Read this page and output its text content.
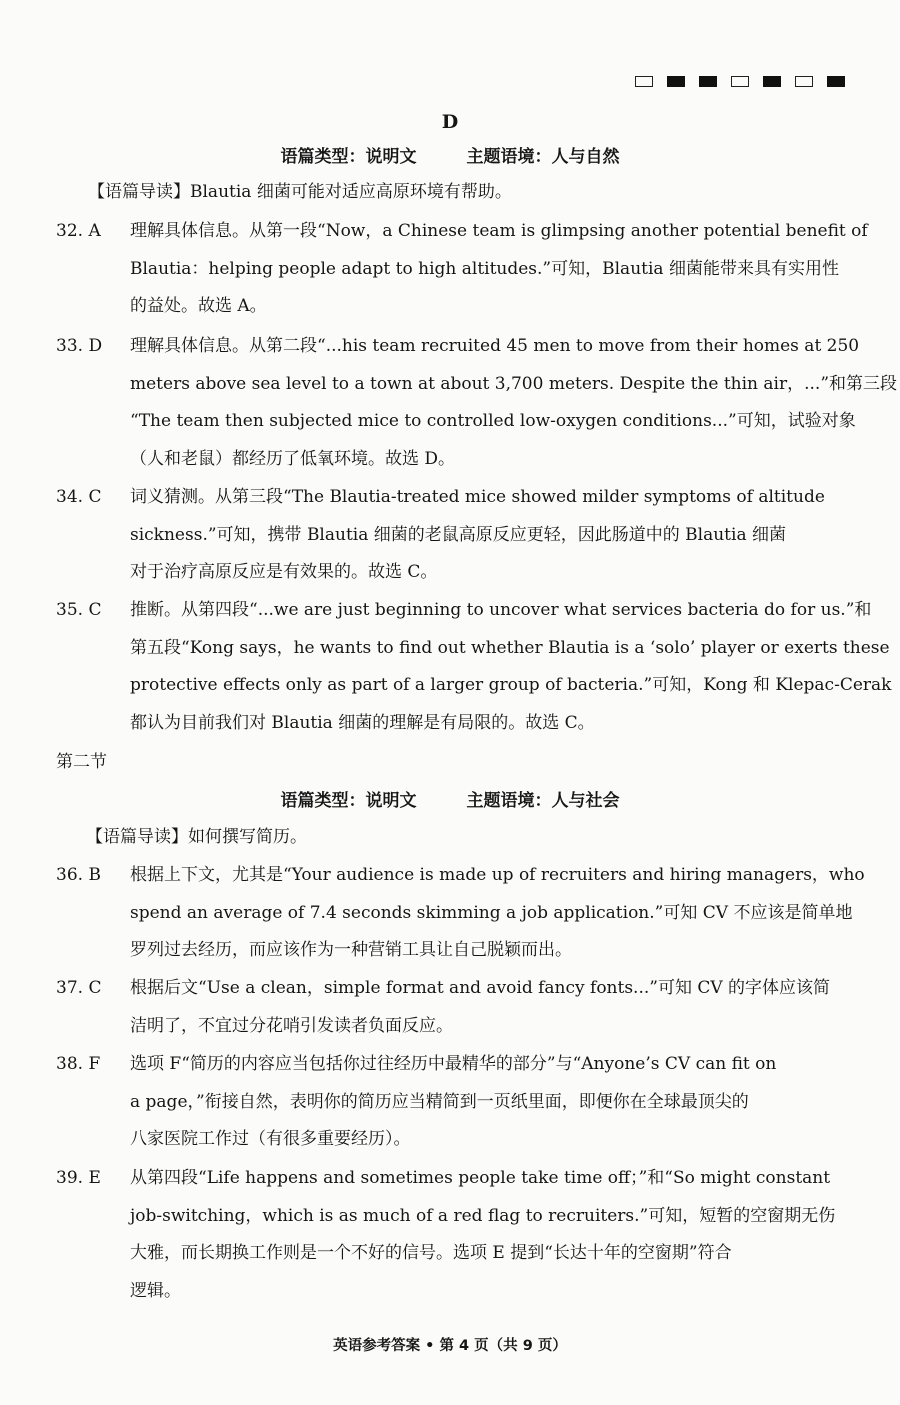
D
语篇类型：说明文	主题语境：人与自然
【语篇导读】Blautia 细菌可能对适应高原环境有帮助。
32. A 理解具体信息。从第一段“Now，a Chinese team is glimpsing another potential benefit of

Blautia：helping people adapt to high altitudes.”可知，Blautia 细菌能带来具有实用性

的益处。故选 A。

33. D 理解具体信息。从第二段“...his team recruited 45 men to move from their homes at 250

meters above sea level to a town at about 3,700 meters. Despite the thin air，...”和第三段

“The team then subjected mice to controlled low-oxygen conditions...”可知，试验对象

（人和老鼠）都经历了低氧环境。故选 D。

34. C 词义猜测。从第三段“The Blautia-treated mice showed milder symptoms of altitude

sickness.”可知，携带 Blautia 细菌的老鼠高原反应更轻，因此肠道中的 Blautia 细菌

对于治疗高原反应是有效果的。故选 C。

35. C 推断。从第四段“...we are just beginning to uncover what services bacteria do for us.”和

第五段“Kong says，he wants to find out whether Blautia is a ‘solo’ player or exerts these

protective effects only as part of a larger group of bacteria.”可知，Kong 和 Klepac-Cerak

都认为目前我们对 Blautia 细菌的理解是有局限的。故选 C。

第二节
语篇类型：说明文	主题语境：人与社会
【语篇导读】如何撰写简历。
36. B 根据上下文，尤其是“Your audience is made up of recruiters and hiring managers，who

spend an average of 7.4 seconds skimming a job application.”可知 CV 不应该是简单地

罗列过去经历，而应该作为一种营销工具让自己脱颖而出。

37. C 根据后文“Use a clean，simple format and avoid fancy fonts...”可知 CV 的字体应该简

洁明了，不宜过分花哨引发读者负面反应。

38. F 选项 F“简历的内容应当包括你过往经历中最精华的部分”与“Anyone’s CV can fit on

a page，”衔接自然，表明你的简历应当精简到一页纸里面，即便你在全球最顶尖的

八家医院工作过（有很多重要经历）。

39. E 从第四段“Life happens and sometimes people take time off；”和“So might constant

job-switching，which is as much of a red flag to recruiters.”可知，短暂的空窗期无伤

大雅，而长期换工作则是一个不好的信号。选项 E 提到“长达十年的空窗期”符合

逻辑。

英语参考答案 • 第 4 页（共 9 页）
